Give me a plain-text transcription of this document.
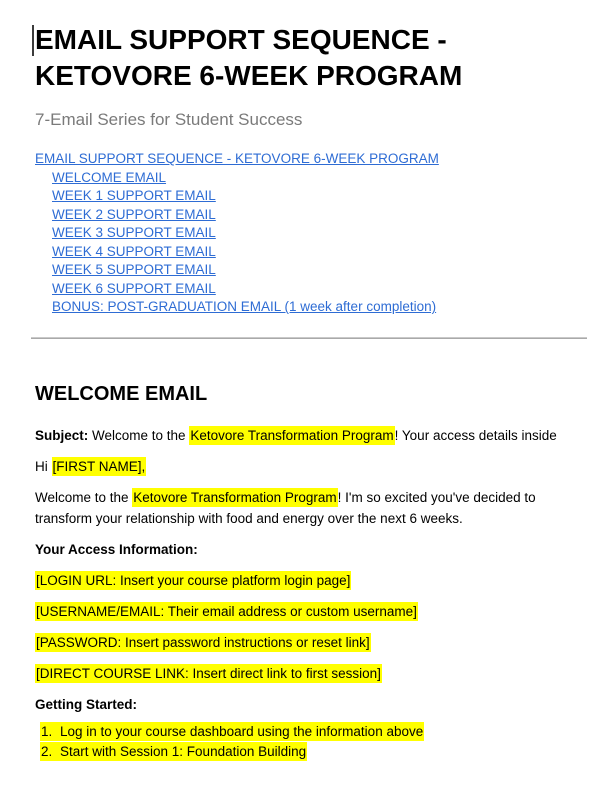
EMAIL SUPPORT SEQUENCE - KETOVORE 6-WEEK PROGRAM

7-Email Series for Student Success

EMAIL SUPPORT SEQUENCE - KETOVORE 6-WEEK PROGRAM
WELCOME EMAIL
WEEK 1 SUPPORT EMAIL
WEEK 2 SUPPORT EMAIL
WEEK 3 SUPPORT EMAIL
WEEK 4 SUPPORT EMAIL
WEEK 5 SUPPORT EMAIL
WEEK 6 SUPPORT EMAIL
BONUS: POST-GRADUATION EMAIL (1 week after completion)
WELCOME EMAIL

Subject: Welcome to the Ketovore Transformation Program! Your access details inside

Hi [FIRST NAME],

Welcome to the Ketovore Transformation Program! I'm so excited you've decided to transform your relationship with food and energy over the next 6 weeks.

Your Access Information:

[LOGIN URL: Insert your course platform login page]

[USERNAME/EMAIL: Their email address or custom username]

[PASSWORD: Insert password instructions or reset link]

[DIRECT COURSE LINK: Insert direct link to first session]

Getting Started:

1. Log in to your course dashboard using the information above
2. Start with Session 1: Foundation Building
